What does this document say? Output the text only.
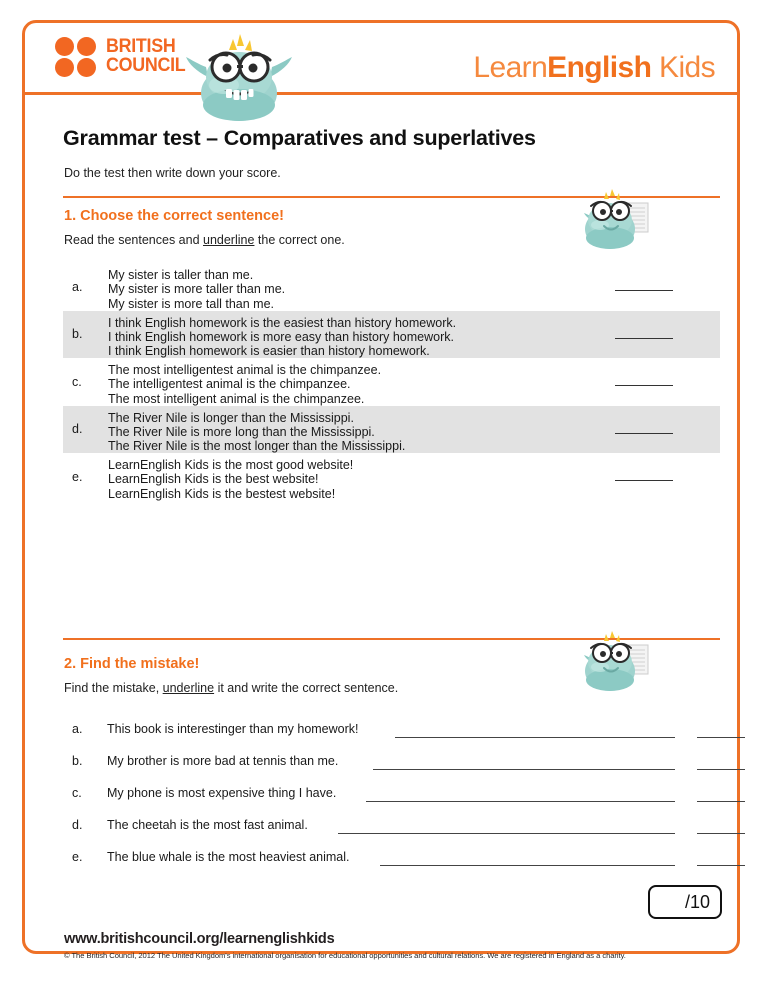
BRITISH
COUNCIL	LearnEnglish Kids
Grammar test – Comparatives and superlatives
Do the test then write down your score.
1. Choose the correct sentence!
Read the sentences and underline the correct one.
a.
My sister is taller than me.
My sister is more taller than me.
My sister is more tall than me.
b.
I think English homework is the easiest than history homework.
I think English homework is more easy than history homework.
I think English homework is easier than history homework.
c.
The most intelligentest animal is the chimpanzee.
The intelligentest animal is the chimpanzee.
The most intelligent animal is the chimpanzee.
d.
The River Nile is longer than the Mississippi.
The River Nile is more long than the Mississippi.
The River Nile is the most longer than the Mississippi.
e.
LearnEnglish Kids is the most good website!
LearnEnglish Kids is the best website!
LearnEnglish Kids is the bestest website!
2. Find the mistake!
Find the mistake, underline it and write the correct sentence.
a. This book is interestinger than my homework!
b. My brother is more bad at tennis than me.
c. My phone is most expensive thing I have.
d. The cheetah is the most fast animal.
e. The blue whale is the most heaviest animal.
/10
www.britishcouncil.org/learnenglishkids
© The British Council, 2012 The United Kingdom's international organisation for educational opportunities and cultural relations. We are registered in England as a charity.
